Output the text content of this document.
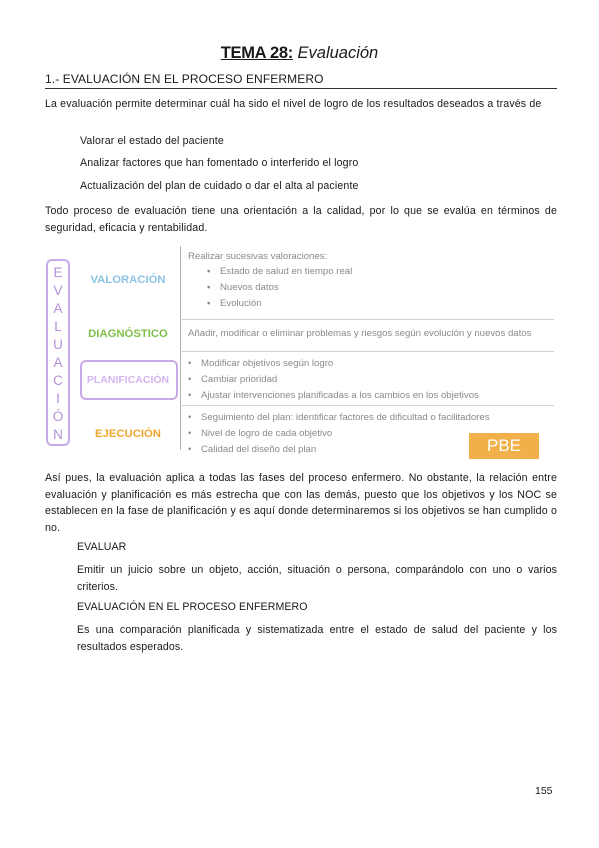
TEMA 28: Evaluación
1.- EVALUACIÓN EN EL PROCESO ENFERMERO
La evaluación permite determinar cuál ha sido el nivel de logro de los resultados deseados a través de
Valorar el estado del paciente
Analizar factores que han fomentado o interferido el logro
Actualización del plan de cuidado o dar el alta al paciente
Todo proceso de evaluación tiene una orientación a la calidad, por lo que se evalúa en términos de seguridad, eficacia y rentabilidad.
E
V
A
L
U
A
C
I
Ó
N
VALORACIÓN
DIAGNÓSTICO
PLANIFICACIÓN
EJECUCIÓN
Realizar sucesivas valoraciones:
▪ Estado de salud en tiempo real
▪ Nuevos datos
▪ Evolución
Añadir, modificar o eliminar problemas y riesgos según evolución y nuevos datos
• Modificar objetivos según logro
• Cambiar prioridad
• Ajustar intervenciones planificadas a los cambios en los objetivos
• Seguimiento del plan: identificar factores de dificultad o facilitadores
• Nivel de logro de cada objetivo
• Calidad del diseño del plan	PBE
Así pues, la evaluación aplica a todas las fases del proceso enfermero. No obstante, la relación entre evaluación y planificación es más estrecha que con las demás, puesto que los objetivos y los NOC se establecen en la fase de planificación y es aquí donde determinaremos si los objetivos se han cumplido o no.
EVALUAR
Emitir un juicio sobre un objeto, acción, situación o persona, comparándolo con uno o varios criterios.
EVALUACIÓN EN EL PROCESO ENFERMERO
Es una comparación planificada y sistematizada entre el estado de salud del paciente y los resultados esperados.
155
